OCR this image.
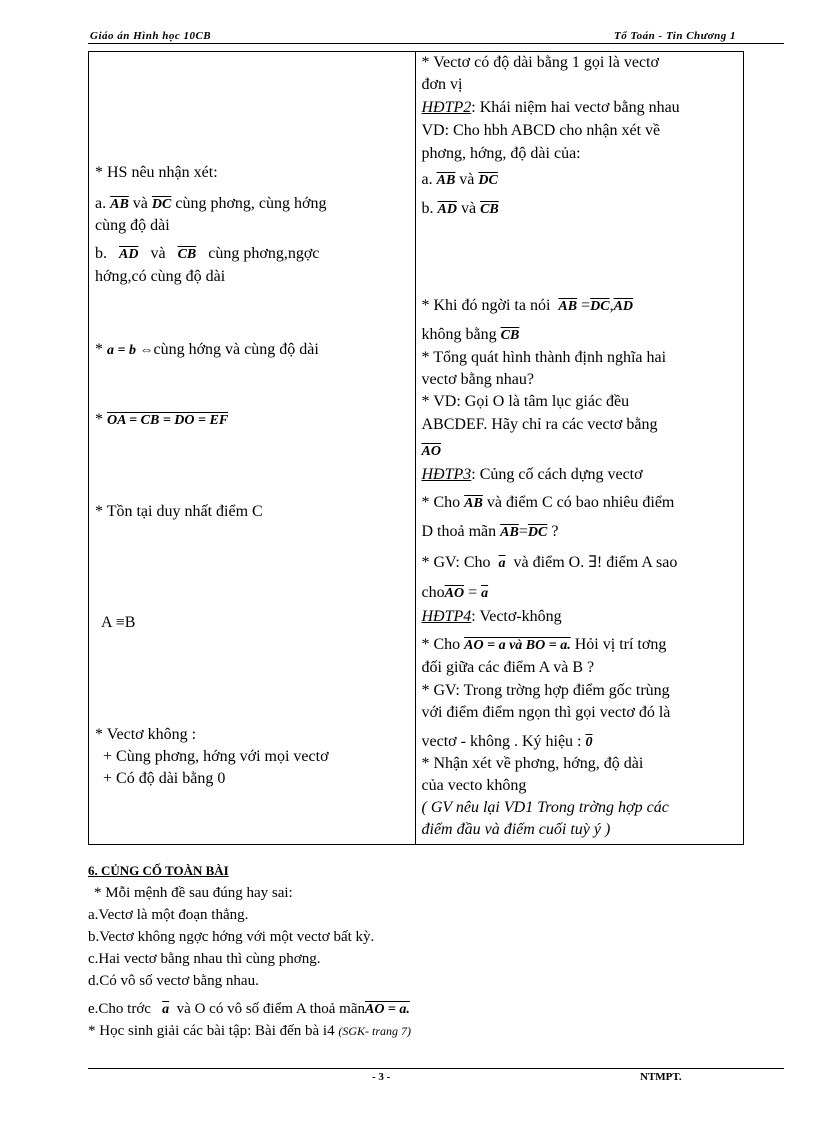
Giáo án Hình học 10CB	Tổ Toán - Tin Chương 1
* HS nêu nhận xét:
a. $\overline{AB}$ và $\overline{DC}$ cùng phơng, cùng hớng
cùng độ dài
b. $\overline{AD}$ và $\overline{CB}$ cùng phơng,ngợc
hớng,có cùng độ dài
* a = b ⇔cùng hớng và cùng độ dài
* OA = CB = DO = EF
* Tồn tại duy nhất điểm C
A ≡B
* Vectơ không :
+ Cùng phơng, hớng với mọi vectơ
+ Có độ dài bằng 0

* Vectơ có độ dài bằng 1 gọi là vectơ
đơn vị
HĐTP2: Khái niệm hai vectơ bằng nhau
VD: Cho hbh ABCD cho nhận xét về
phơng, hớng, độ dài của:
a. $\overline{AB}$ và $\overline{DC}$
b. $\overline{AD}$ và $\overline{CB}$
* Khi đó ngời ta nói $\overline{AB} =\overline{DC},\overline{AD}$
không bằng $\overline{CB}$
* Tổng quát hình thành định nghĩa hai
vectơ bằng nhau?
* VD: Gọi O là tâm lục giác đều
ABCDEF. Hãy chỉ ra các vectơ bằng
$\overline{AO}$
HĐTP3: Củng cố cách dựng vectơ
* Cho $\overline{AB}$ và điểm C có bao nhiêu điểm
D thoả mãn $\overline{AB}=\overline{DC}$ ?
* GV: Cho $\overline{a}$ và điểm O. ∃! điểm A sao
$cho\overline{AO} = \overline{a}$
HĐTP4: Vectơ-không
* Cho AO = a và BO = a. Hỏi vị trí tơng
đối giữa các điểm A và B ?
* GV: Trong trờng hợp điểm gốc trùng
với điểm điểm ngọn thì gọi vectơ đó là
vectơ - không . Ký hiệu : 0
* Nhận xét về phơng, hớng, độ dài
của vecto không
( GV nêu lại VD1 Trong trờng hợp các
điểm đầu và điểm cuối tuỳ ý )
6. CỦNG CỐ TOÀN BÀI
* Mỗi mệnh đề sau đúng hay sai:
a.Vectơ là một đoạn thẳng.
b.Vectơ không ngợc hớng với một vectơ bất kỳ.
c.Hai vectơ bằng nhau thì cùng phơng.
d.Có vô số vectơ bằng nhau.
e.Cho trớc $\overline{a}$ và O có vô số điểm A thoả mãnAO = a.
* Học sinh giải các bài tập: Bài đến bà i4 (SGK- trang 7)
- 3 -	NTMPT.
